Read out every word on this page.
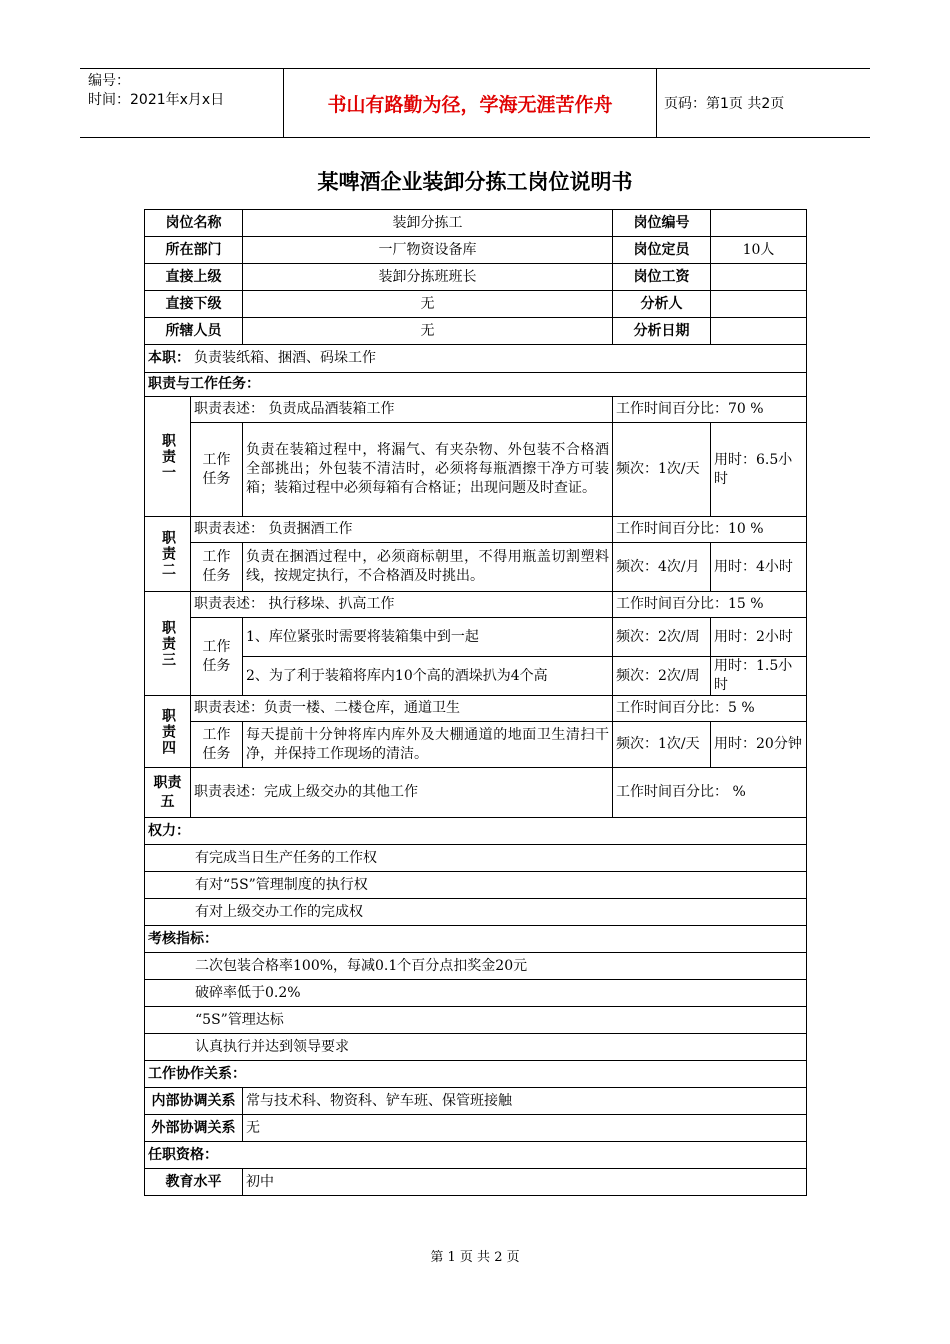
编号：
时间：2021年x月x日	书山有路勤为径，学海无涯苦作舟	页码：第1页 共2页
某啤酒企业装卸分拣工岗位说明书
岗位名称		装卸分拣工	岗位编号	
所在部门		一厂物资设备库	岗位定员	10人
直接上级		装卸分拣班班长	岗位工资	
直接下级		无	分析人	
所辖人员		无	分析日期	
本职： 负责装纸箱、捆酒、码垛工作				
职责与工作任务：				
职责一	职责表述： 负责成品酒装箱工作		工作时间百分比：70 %	
	工作任务	负责在装箱过程中，将漏气、有夹杂物、外包装不合格酒全部挑出；外包装不清洁时，必须将每瓶酒擦干净方可装箱；装箱过程中必须每箱有合格证；出现问题及时查证。	频次：1次/天	用时：6.5小时
职责二	职责表述： 负责捆酒工作		工作时间百分比：10 %	
	工作任务	负责在捆酒过程中，必须商标朝里，不得用瓶盖切割塑料线，按规定执行，不合格酒及时挑出。	频次：4次/月	用时：4小时
职责三	职责表述： 执行移垛、扒高工作		工作时间百分比：15 %	
	工作任务	1、库位紧张时需要将装箱集中到一起	频次：2次/周	用时：2小时
		2、为了利于装箱将库内10个高的酒垛扒为4个高	频次：2次/周	用时：1.5小时
职责四	职责表述：负责一楼、二楼仓库，通道卫生		工作时间百分比：5 %	
	工作任务	每天提前十分钟将库内库外及大棚通道的地面卫生清扫干净，并保持工作现场的清洁。	频次：1次/天	用时：20分钟
职责五	职责表述：完成上级交办的其他工作		工作时间百分比： %	
权力：				
有完成当日生产任务的工作权				
有对“5S”管理制度的执行权				
有对上级交办工作的完成权				
考核指标：				
二次包装合格率100%，每减0.1个百分点扣奖金20元				
破碎率低于0.2%				
“5S”管理达标				
认真执行并达到领导要求				
工作协作关系：				
内部协调关系		常与技术科、物资科、铲车班、保管班接触		
外部协调关系		无		
任职资格：				
教育水平		初中		
第 1 页 共 2 页
